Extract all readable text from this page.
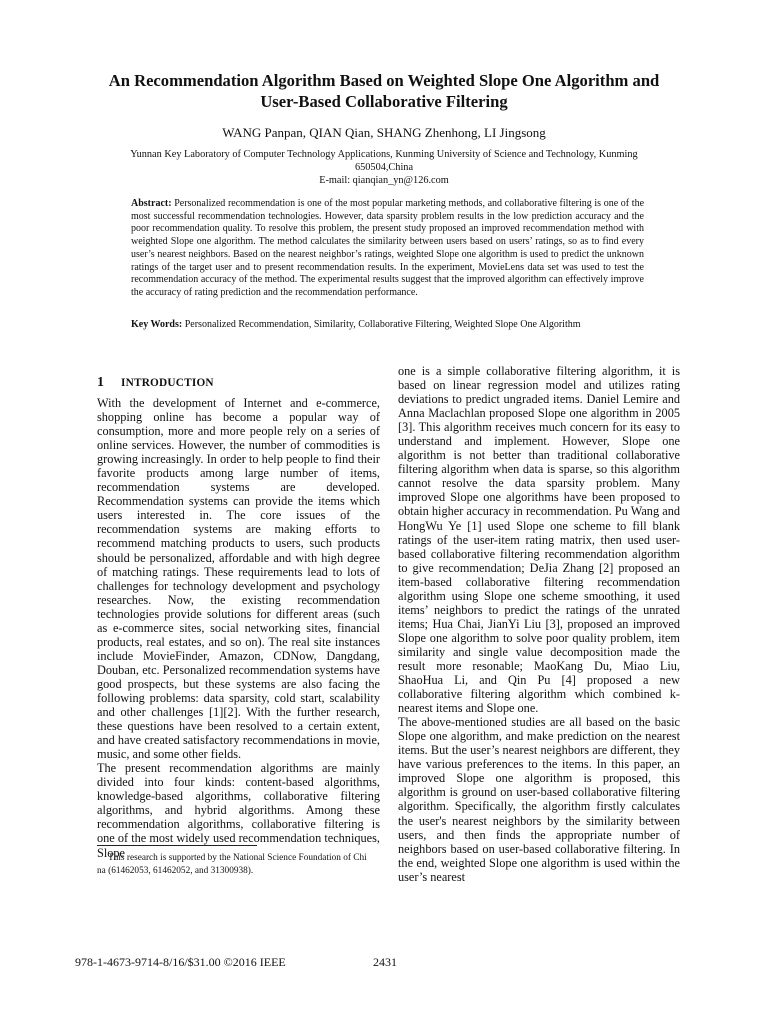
An Recommendation Algorithm Based on Weighted Slope One Algorithm and
User-Based Collaborative Filtering
WANG Panpan, QIAN Qian, SHANG Zhenhong, LI Jingsong
Yunnan Key Laboratory of Computer Technology Applications, Kunming University of Science and Technology, Kunming
650504,China
E-mail: qianqian_yn@126.com
Abstract: Personalized recommendation is one of the most popular marketing methods, and collaborative filtering is one of the most successful recommendation technologies. However, data sparsity problem results in the low prediction accuracy and the poor recommendation quality. To resolve this problem, the present study proposed an improved recommendation method with weighted Slope one algorithm. The method calculates the similarity between users based on users’ ratings, so as to find every user’s nearest neighbors. Based on the nearest neighbor’s ratings, weighted Slope one algorithm is used to predict the unknown ratings of the target user and to present recommendation results. In the experiment, MovieLens data set was used to test the recommendation accuracy of the method. The experimental results suggest that the improved algorithm can effectively improve the accuracy of rating prediction and the recommendation performance.
Key Words: Personalized Recommendation, Similarity, Collaborative Filtering, Weighted Slope One Algorithm
1 INTRODUCTION

With the development of Internet and e-commerce, shopping online has become a popular way of consumption, more and more people rely on a series of online services. However, the number of commodities is growing increasingly. In order to help people to find their favorite products among large number of items, recommendation systems are developed. Recommendation systems can provide the items which users interested in. The core issues of the recommendation systems are making efforts to recommend matching products to users, such products should be personalized, affordable and with high degree of matching ratings. These requirements lead to lots of challenges for technology development and psychology researches. Now, the existing recommendation technologies provide solutions for different areas (such as e-commerce sites, social networking sites, financial products, real estates, and so on). The real site instances include MovieFinder, Amazon, CDNow, Dangdang, Douban, etc. Personalized recommendation systems have good prospects, but these systems are also facing the following problems: data sparsity, cold start, scalability and other challenges [1][2]. With the further research, these questions have been resolved to a certain extent, and have created satisfactory recommendations in movie, music, and some other fields.

The present recommendation algorithms are mainly divided into four kinds: content-based algorithms, knowledge-based algorithms, collaborative filtering algorithms, and hybrid algorithms. Among these recommendation algorithms, collaborative filtering is one of the most widely used recommendation techniques, Slope

one is a simple collaborative filtering algorithm, it is based on linear regression model and utilizes rating deviations to predict ungraded items. Daniel Lemire and Anna Maclachlan proposed Slope one algorithm in 2005 [3]. This algorithm receives much concern for its easy to understand and implement. However, Slope one algorithm is not better than traditional collaborative filtering algorithm when data is sparse, so this algorithm cannot resolve the data sparsity problem. Many improved Slope one algorithms have been proposed to obtain higher accuracy in recommendation. Pu Wang and HongWu Ye [1] used Slope one scheme to fill blank ratings of the user-item rating matrix, then used user-based collaborative filtering recommendation algorithm to give recommendation; DeJia Zhang [2] proposed an item-based collaborative filtering recommendation algorithm using Slope one scheme smoothing, it used items’ neighbors to predict the ratings of the unrated items; Hua Chai, JianYi Liu [3], proposed an improved Slope one algorithm to solve poor quality problem, item similarity and single value decomposition made the result more resonable; MaoKang Du, Miao Liu, ShaoHua Li, and Qin Pu [4] proposed a new collaborative filtering algorithm which combined k-nearest items and Slope one.

The above-mentioned studies are all based on the basic Slope one algorithm, and make prediction on the nearest items. But the user’s nearest neighbors are different, they have various preferences to the items. In this paper, an improved Slope one algorithm is proposed, this algorithm is ground on user-based collaborative filtering algorithm. Specifically, the algorithm firstly calculates the user's nearest neighbors by the similarity between users, and then finds the appropriate number of neighbors based on user-based collaborative filtering. In the end, weighted Slope one algorithm is used within the user’s nearest

This research is supported by the National Science Foundation of Chi
na (61462053, 61462052, and 31300938).
978-1-4673-9714-8/16/$31.00 ©2016 IEEE	2431
